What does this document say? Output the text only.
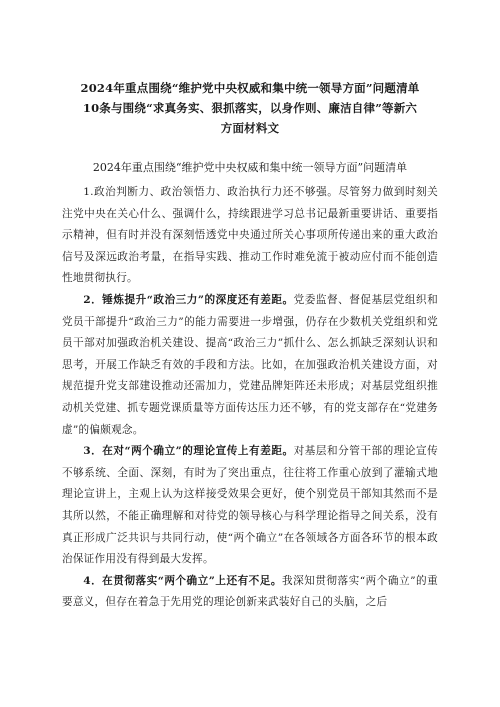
2024年重点围绕“维护党中央权威和集中统一领导方面”问题清单
10条与围绕“求真务实、狠抓落实，以身作则、廉洁自律”等新六
方面材料文
2024年重点围绕“维护党中央权威和集中统一领导方面”问题清单

1.政治判断力、政治领悟力、政治执行力还不够强。尽管努力做到时刻关注党中央在关心什么、强调什么，持续跟进学习总书记最新重要讲话、重要指示精神，但有时并没有深刻悟透党中央通过所关心事项所传递出来的重大政治信号及深远政治考量，在指导实践、推动工作时难免流于被动应付而不能创造性地贯彻执行。

2．锤炼提升“政治三力”的深度还有差距。党委监督、督促基层党组织和党员干部提升“政治三力”的能力需要进一步增强，仍存在少数机关党组织和党员干部对加强政治机关建设、提高“政治三力”抓什么、怎么抓缺乏深刻认识和思考，开展工作缺乏有效的手段和方法。比如，在加强政治机关建设方面，对规范提升党支部建设推动还需加力，党建品牌矩阵还未形成；对基层党组织推动机关党建、抓专题党课质量等方面传达压力还不够，有的党支部存在“党建务虚”的偏颇观念。

3．在对“两个确立”的理论宣传上有差距。对基层和分管干部的理论宣传不够系统、全面、深刻，有时为了突出重点，往往将工作重心放到了灌输式地理论宣讲上，主观上认为这样接受效果会更好，使个别党员干部知其然而不是其所以然，不能正确理解和对待党的领导核心与科学理论指导之间关系，没有真正形成广泛共识与共同行动，使“两个确立”在各领域各方面各环节的根本政治保证作用没有得到最大发挥。

4．在贯彻落实“两个确立”上还有不足。我深知贯彻落实“两个确立”的重要意义，但存在着急于先用党的理论创新来武装好自己的头脑，之后
